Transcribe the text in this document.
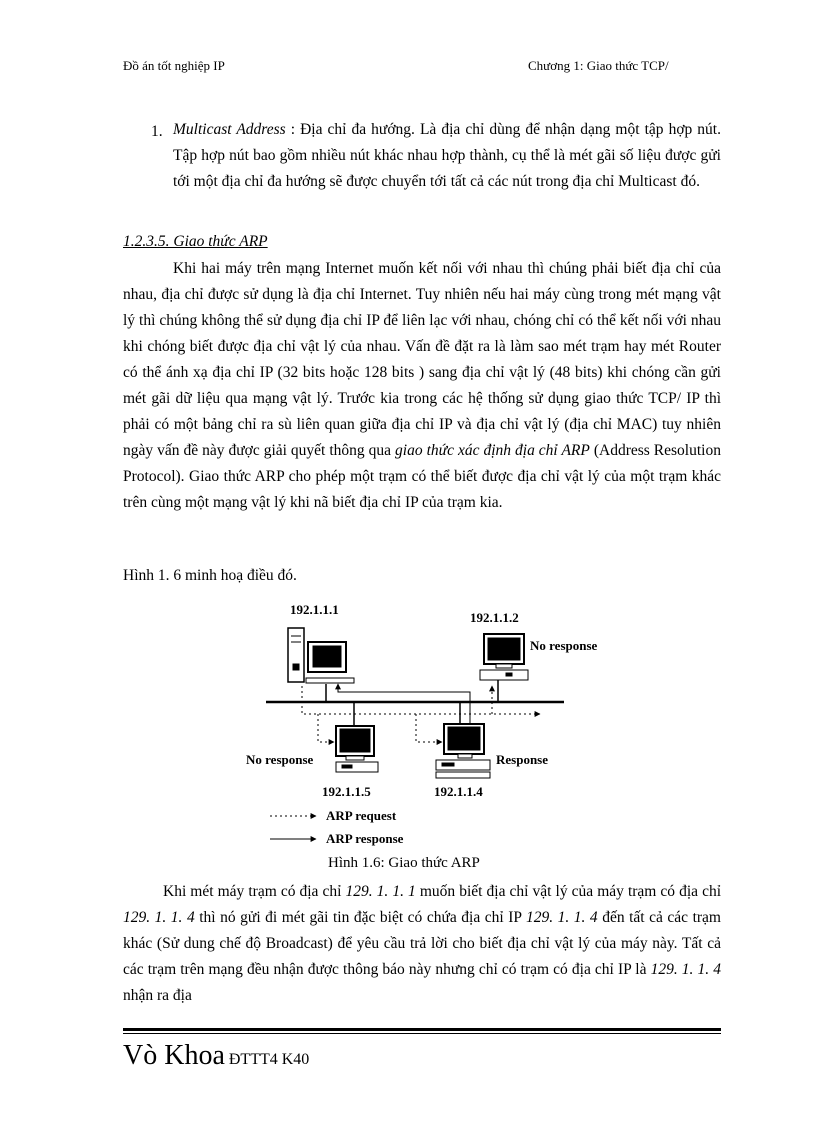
Đồ án tốt nghiệp IP	Chương 1: Giao thức TCP/
1. Multicast Address : Địa chỉ đa hướng. Là địa chỉ dùng để nhận dạng một tập hợp nút. Tập hợp nút bao gồm nhiều nút khác nhau hợp thành, cụ thể là mét gãi số liệu được gửi tới một địa chỉ đa hướng sẽ được chuyển tới tất cả các nút trong địa chỉ Multicast đó.
1.2.3.5. Giao thức ARP

Khi hai máy trên mạng Internet muốn kết nối với nhau thì chúng phải biết địa chỉ của nhau, địa chỉ được sử dụng là địa chỉ Internet. Tuy nhiên nếu hai máy cùng trong mét mạng vật lý thì chúng không thể sử dụng địa chỉ IP để liên lạc với nhau, chóng chỉ có thể kết nối với nhau khi chóng biết được địa chỉ vật lý của nhau. Vấn đề đặt ra là làm sao mét trạm hay mét Router có thể ánh xạ địa chỉ IP (32 bits hoặc 128 bits ) sang địa chỉ vật lý (48 bits) khi chóng cần gửi mét gãi dữ liệu qua mạng vật lý. Trước kia trong các hệ thống sử dụng giao thức TCP/ IP thì phải có một bảng chỉ ra sù liên quan giữa địa chỉ IP và địa chỉ vật lý (địa chỉ MAC) tuy nhiên ngày vấn đề này được giải quyết thông qua giao thức xác định địa chỉ ARP (Address Resolution Protocol). Giao thức ARP cho phép một trạm có thể biết được địa chỉ vật lý của một trạm khác trên cùng một mạng vật lý khi nã biết địa chỉ IP của trạm kia.

Hình 1. 6 minh hoạ điều đó.
192.1.1.1
192.1.1.2
No response
No response	Response
192.1.1.5	192.1.1.4
ARP request
ARP response
Hình 1.6: Giao thức ARP

Khi mét máy trạm có địa chỉ 129. 1. 1. 1 muốn biết địa chỉ vật lý của máy trạm có địa chỉ 129. 1. 1. 4 thì nó gửi đi mét gãi tin đặc biệt có chứa địa chỉ IP 129. 1. 1. 4 đến tất cả các trạm khác (Sử dung chế độ Broadcast) để yêu cầu trả lời cho biết địa chỉ vật lý của máy này. Tất cả các trạm trên mạng đều nhận được thông báo này nhưng chỉ có trạm có địa chỉ IP là 129. 1. 1. 4 nhận ra địa

Vò Khoa ĐTTT4 K40
